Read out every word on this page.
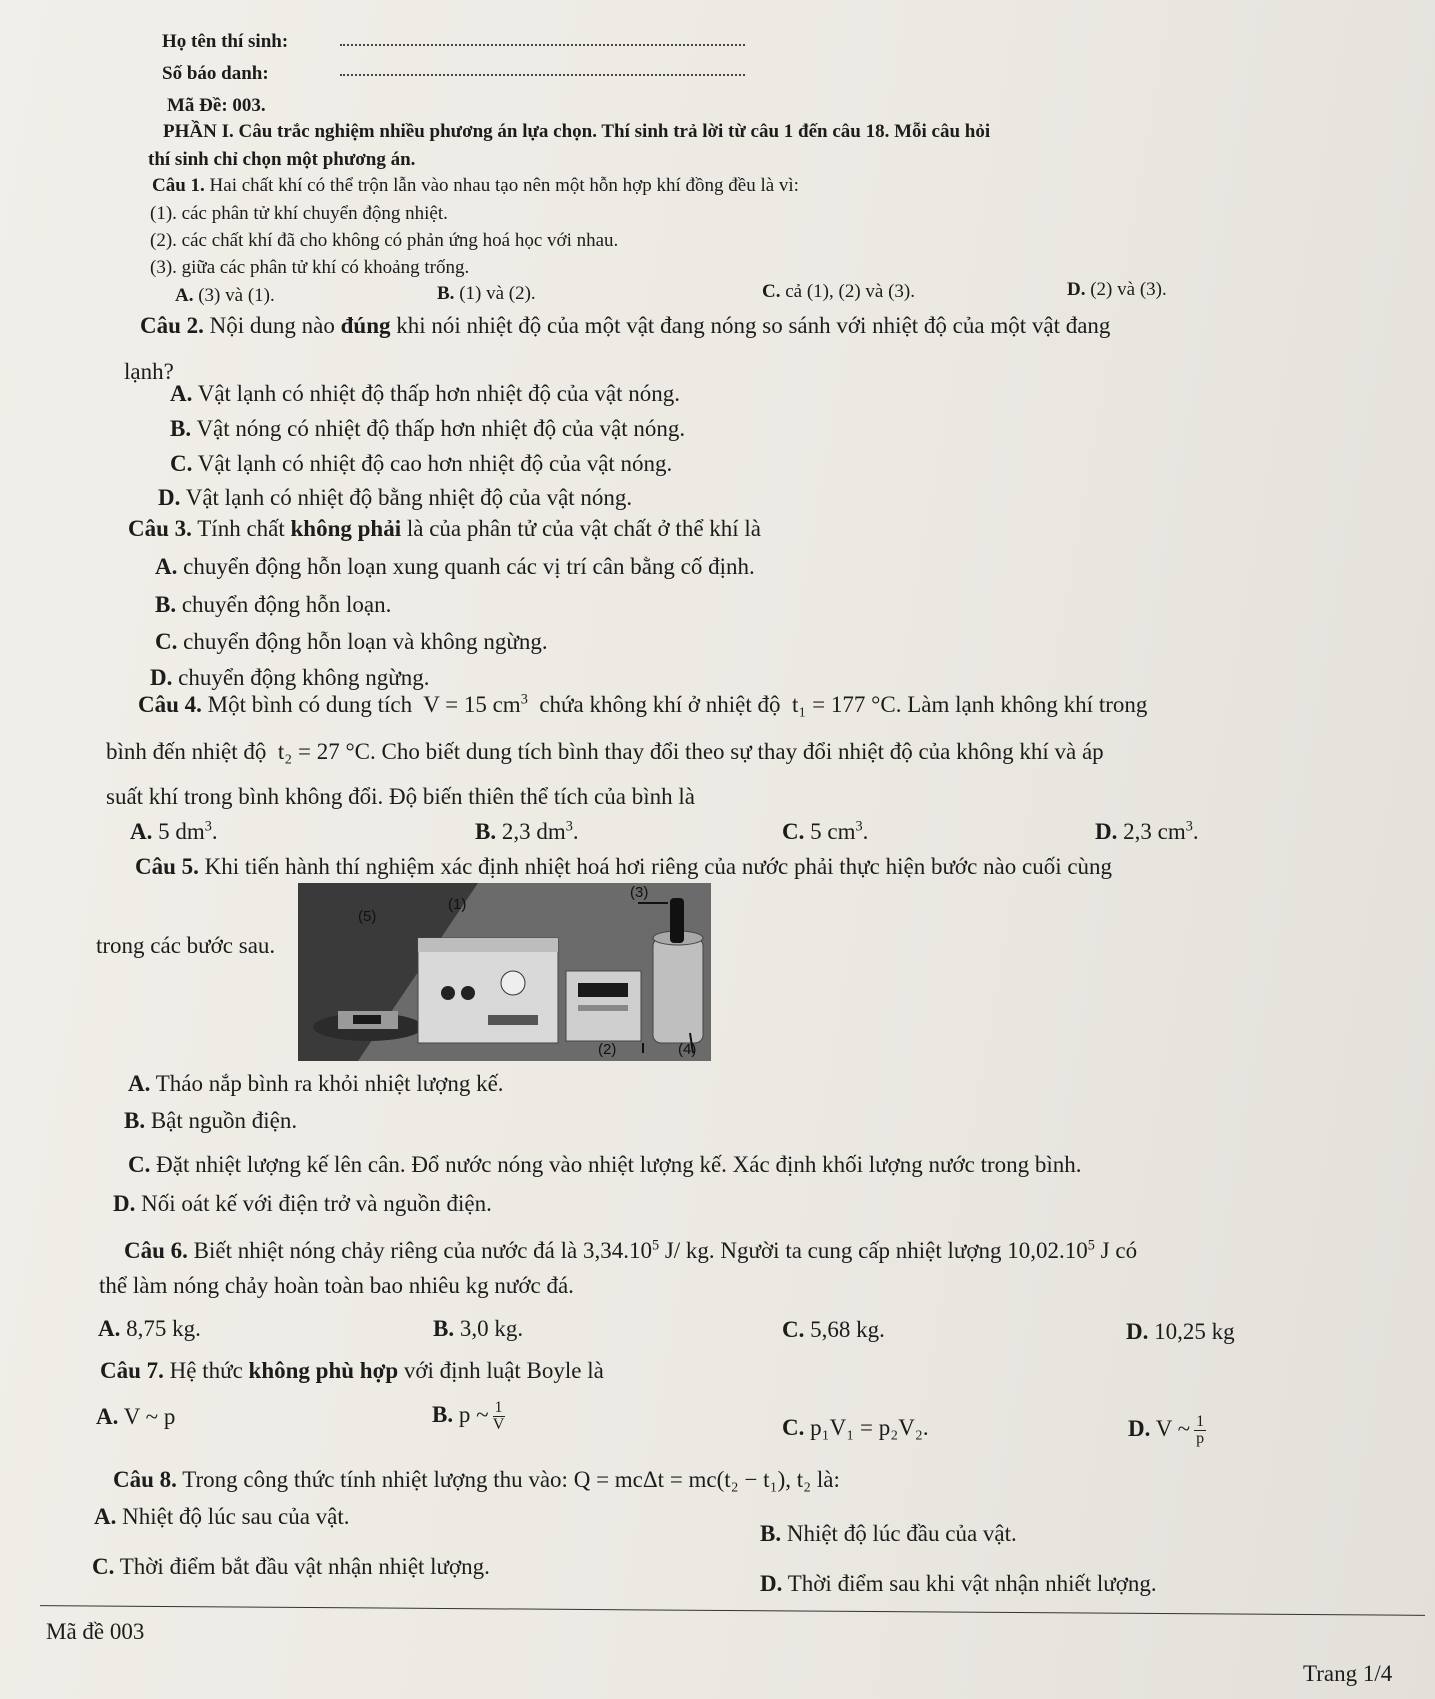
Họ tên thí sinh:
Số báo danh:
Mã Đề: 003.
PHẦN I. Câu trắc nghiệm nhiều phương án lựa chọn. Thí sinh trả lời từ câu 1 đến câu 18. Mỗi câu hỏi
thí sinh chỉ chọn một phương án.
Câu 1. Hai chất khí có thể trộn lẫn vào nhau tạo nên một hỗn hợp khí đồng đều là vì:
(1). các phân tử khí chuyển động nhiệt.
(2). các chất khí đã cho không có phản ứng hoá học với nhau.
(3). giữa các phân tử khí có khoảng trống.
A. (3) và (1).	B. (1) và (2).	C. cả (1), (2) và (3).	D. (2) và (3).
Câu 2. Nội dung nào đúng khi nói nhiệt độ của một vật đang nóng so sánh với nhiệt độ của một vật đang
lạnh?
A. Vật lạnh có nhiệt độ thấp hơn nhiệt độ của vật nóng.
B. Vật nóng có nhiệt độ thấp hơn nhiệt độ của vật nóng.
C. Vật lạnh có nhiệt độ cao hơn nhiệt độ của vật nóng.
D. Vật lạnh có nhiệt độ bằng nhiệt độ của vật nóng.
Câu 3. Tính chất không phải là của phân tử của vật chất ở thể khí là
A. chuyển động hỗn loạn xung quanh các vị trí cân bằng cố định.
B. chuyển động hỗn loạn.
C. chuyển động hỗn loạn và không ngừng.
D. chuyển động không ngừng.
Câu 4. Một bình có dung tích V = 15 $cm^3$ chứa không khí ở nhiệt độ t₁ = 177 °C. Làm lạnh không khí trong
bình đến nhiệt độ t₂ = 27 °C. Cho biết dung tích bình thay đổi theo sự thay đổi nhiệt độ của không khí và áp
suất khí trong bình không đổi. Độ biến thiên thể tích của bình là
A. 5 $dm^3$.	B. 2,3 $dm^3$.	C. 5 $cm^3$.	D. 2,3 $cm^3$.
Câu 5. Khi tiến hành thí nghiệm xác định nhiệt hoá hơi riêng của nước phải thực hiện bước nào cuối cùng
trong các bước sau.
(5)
(1)
(3)
(2)	(4)
A. Tháo nắp bình ra khỏi nhiệt lượng kế.
B. Bật nguồn điện.
C. Đặt nhiệt lượng kế lên cân. Đổ nước nóng vào nhiệt lượng kế. Xác định khối lượng nước trong bình.
D. Nối oát kế với điện trở và nguồn điện.
Câu 6. Biết nhiệt nóng chảy riêng của nước đá là 3,34.10$^5$ J/ kg. Người ta cung cấp nhiệt lượng 10,02.10$^5$ J có
thể làm nóng chảy hoàn toàn bao nhiêu kg nước đá.
A. 8,75 kg.	B. 3,0 kg.	C. 5,68 kg.	D. 10,25 kg
Câu 7. Hệ thức không phù hợp với định luật Boyle là
A. V ~ p	B. p ~ $\frac{1}{V}$	C. p₁V₁ = p₂V₂.	D. V ~ $\frac{1}{p}$
Câu 8. Trong công thức tính nhiệt lượng thu vào: Q = mcΔt = mc(t₂ − t₁), t₂ là:
A. Nhiệt độ lúc sau của vật.
B. Nhiệt độ lúc đầu của vật.
C. Thời điểm bắt đầu vật nhận nhiệt lượng.
D. Thời điểm sau khi vật nhận nhiết lượng.
Mã đề 003
Trang 1/4
